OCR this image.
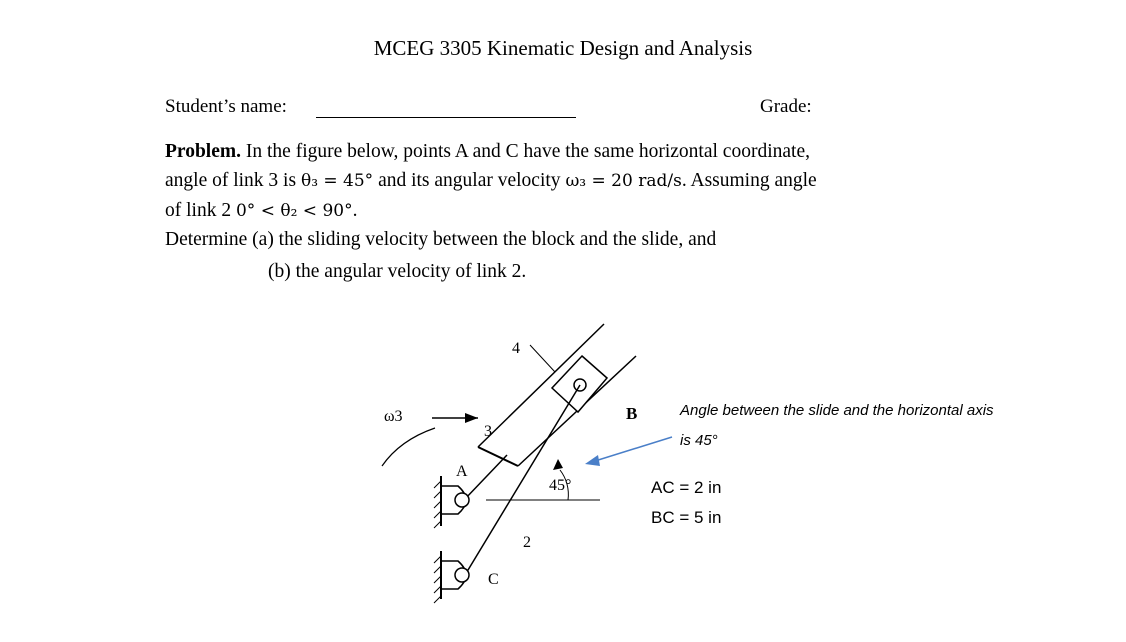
MCEG 3305 Kinematic Design and Analysis
Student’s name:	Grade:
Problem. In the figure below, points A and C have the same horizontal coordinate,
angle of link 3 is θ₃ = 45° and its angular velocity ω₃ = 20 rad/s. Assuming angle
of link 2 0° < θ₂ < 90°.
Determine (a) the sliding velocity between the block and the slide, and
(b) the angular velocity of link 2.
4
ω3
3
A
B
C
2
45°
Angle between the slide and the horizontal axis
is 45°
AC = 2 in
BC = 5 in
